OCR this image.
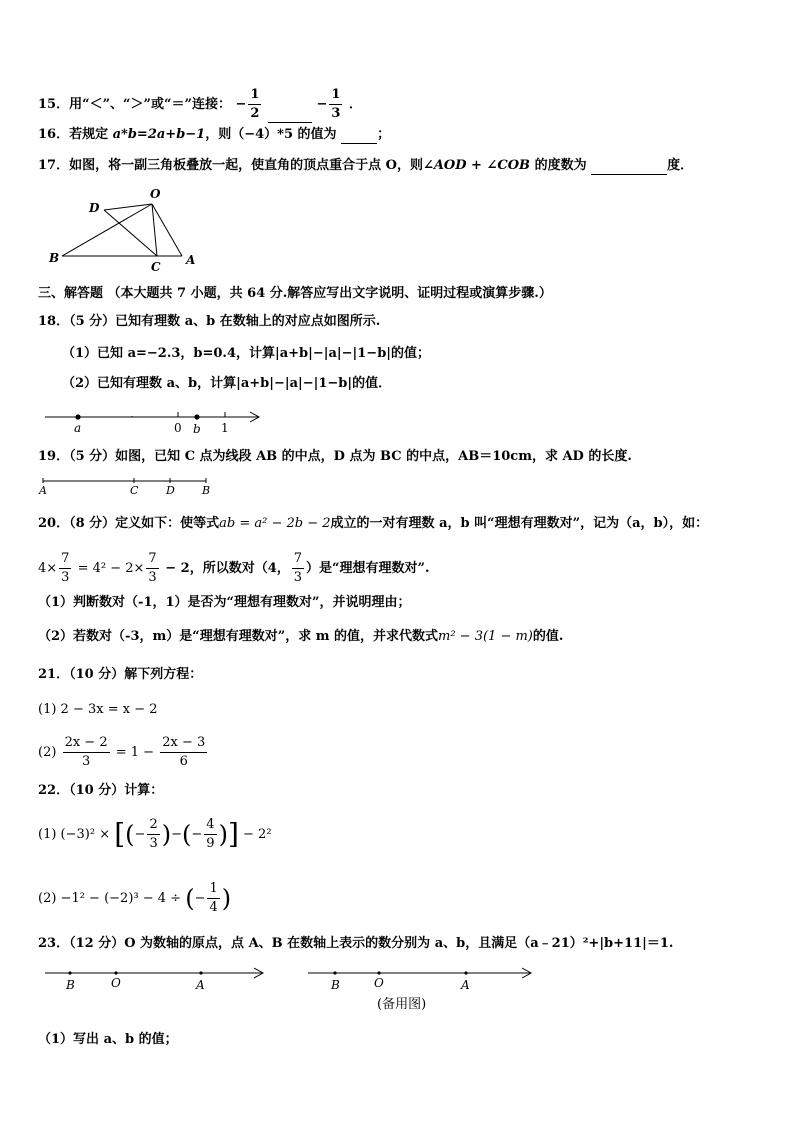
15．用“＜”、“＞”或“＝”连接： − $\frac{1}{2}$	− $\frac{1}{3}$ ．
16．若规定 a*b=2a+b−1，则（−4）*5 的值为	；
17．如图，将一副三角板叠放一起，使直角的顶点重合于点 O，则∠AOD + ∠COB 的度数为	度．
O
D
B
C A
三、解答题 （本大题共 7 小题，共 64 分.解答应写出文字说明、证明过程或演算步骤.）
18．（5 分）已知有理数 a、b 在数轴上的对应点如图所示.
（1）已知 a=−2.3，b=0.4，计算|a+b|−|a|−|1−b|的值；
（2）已知有理数 a、b，计算|a+b|−|a|−|1−b|的值．
a	0 b 1
19．（5 分）如图，已知 C 点为线段 AB 的中点，D 点为 BC 的中点，AB＝10cm，求 AD 的长度.
A	C	D B
20．（8 分）定义如下：使等式ab = a² − 2b − 2成立的一对有理数 a，b 叫“理想有理数对”，记为（a，b），如：
$4\times \frac{7}{3} = 4^2 - 2\times \frac{7}{3} - 2$，所以数对（4， $\frac{7}{3}$ ）是“理想有理数对”.
（1）判断数对（-1，1）是否为“理想有理数对”，并说明理由；
（2）若数对（-3，m）是“理想有理数对”，求 m 的值，并求代数式m² − 3(1 − m)的值.
21．（10 分）解下列方程：
(1) 2 − 3x = x − 2
$(2) \frac{2x - 2}{3} = 1 - \frac{2x - 3}{6}$
22．（10 分）计算：
(1) (−3)² × [(− $\frac{2}{3}$ )−(− $\frac{4}{9}$ )] − 2²
(2) −1² − (−2)³ − 4 ÷ (− $\frac{1}{4}$ )
23．（12 分）O 为数轴的原点，点 A、B 在数轴上表示的数分别为 a、b，且满足（a﹣21）²+|b+11|＝1.
B	O	A	B	O	A
(备用图)
（1）写出 a、b 的值；
